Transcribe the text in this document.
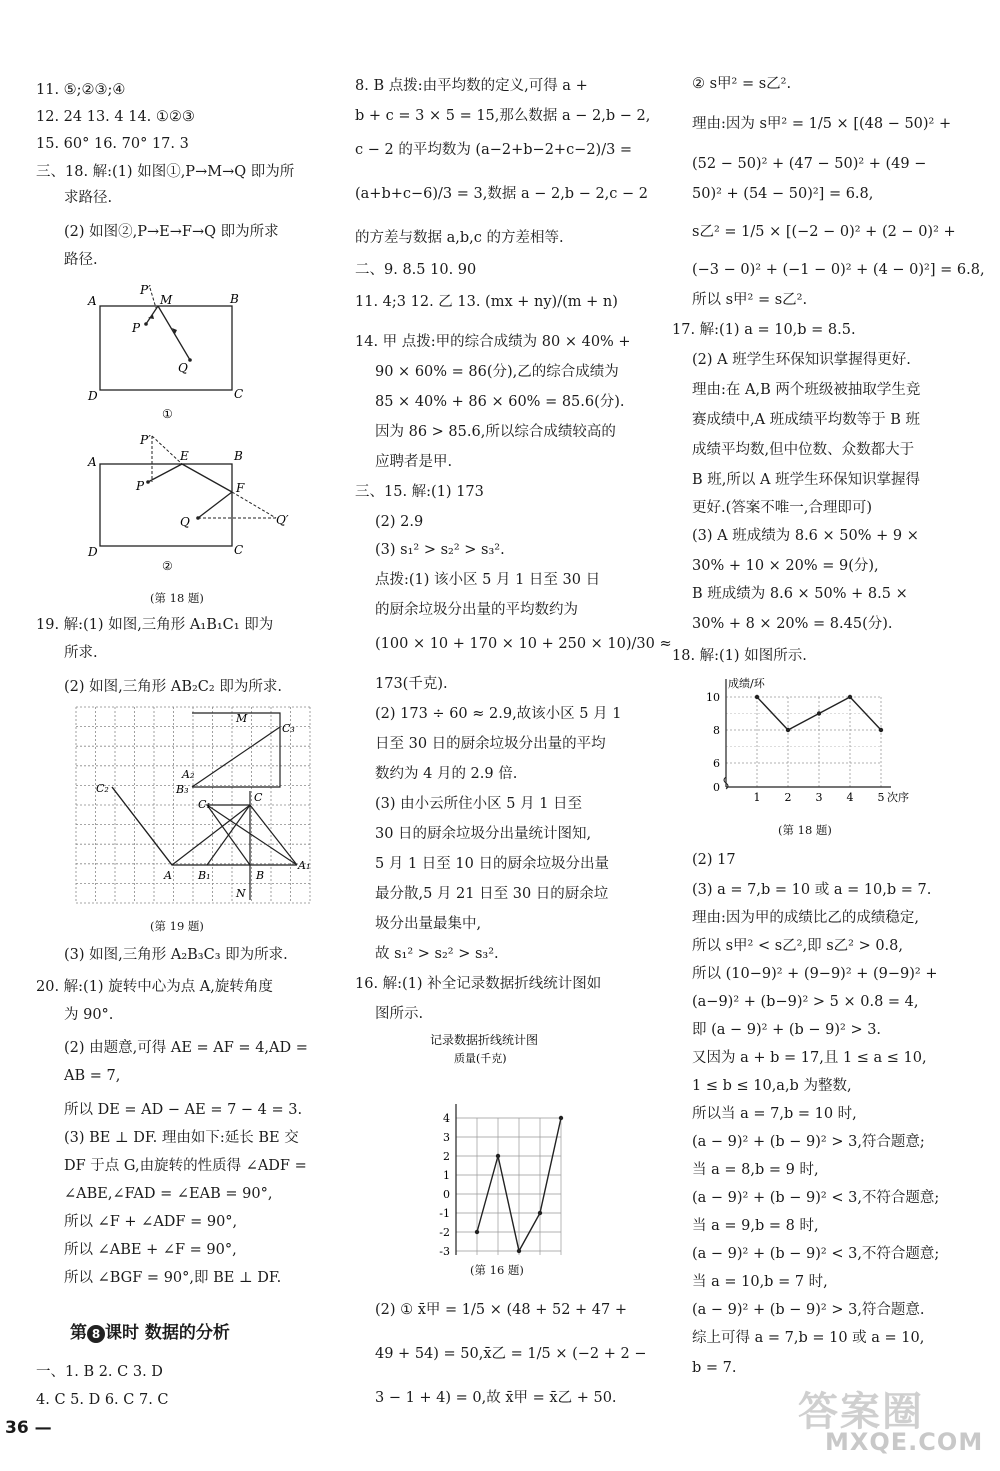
11. ⑤;②③;④
12. 24 13. 4 14. ①②③
15. 60° 16. 70° 17. 3
三、18. 解:(1) 如图①,P→M→Q 即为所
求路径.
(2) 如图②,P→E→F→Q 即为所求
路径.
A	B
D	C
P′
M
P
Q
①
A	B
D	C
P′
E
P	F
Q	Q′
②
(第 18 题)
19. 解:(1) 如图,三角形 A₁B₁C₁ 即为
所求.
(2) 如图,三角形 AB₂C₂ 即为所求.
M
C₃
A₂
B₃
C₂
C₁
C
A B₁	B
A₁
N
(第 19 题)
(3) 如图,三角形 A₂B₃C₃ 即为所求.
20. 解:(1) 旋转中心为点 A,旋转角度
为 90°.
(2) 由题意,可得 AE = AF = 4,AD =
AB = 7,
所以 DE = AD − AE = 7 − 4 = 3.
(3) BE ⊥ DF. 理由如下:延长 BE 交
DF 于点 G,由旋转的性质得 ∠ADF =
∠ABE,∠FAD = ∠EAB = 90°,
所以 ∠F + ∠ADF = 90°,
所以 ∠ABE + ∠F = 90°,
所以 ∠BGF = 90°,即 BE ⊥ DF.
第 8 课时 数据的分析
一、1. B 2. C 3. D
4. C 5. D 6. C 7. C
36 —
8. B 点拨:由平均数的定义,可得 a +
b + c = 3 × 5 = 15,那么数据 a − 2,b − 2,
c − 2 的平均数为 (a−2+b−2+c−2)/3 =
(a+b+c−6)/3 = 3,数据 a − 2,b − 2,c − 2
的方差与数据 a,b,c 的方差相等.
二、9. 8.5 10. 90
11. 4;3 12. 乙 13. (mx + ny)/(m + n)
14. 甲 点拨:甲的综合成绩为 80 × 40% +
90 × 60% = 86(分),乙的综合成绩为
85 × 40% + 86 × 60% = 85.6(分).
因为 86 > 85.6,所以综合成绩较高的
应聘者是甲.
三、15. 解:(1) 173
(2) 2.9
(3) s₁² > s₂² > s₃².
点拨:(1) 该小区 5 月 1 日至 30 日
的厨余垃圾分出量的平均数约为
(100 × 10 + 170 × 10 + 250 × 10)/30 ≈
173(千克).
(2) 173 ÷ 60 ≈ 2.9,故该小区 5 月 1
日至 30 日的厨余垃圾分出量的平均
数约为 4 月的 2.9 倍.
(3) 由小云所住小区 5 月 1 日至
30 日的厨余垃圾分出量统计图知,
5 月 1 日至 10 日的厨余垃圾分出量
最分散,5 月 21 日至 30 日的厨余垃
圾分出量最集中,
故 s₁² > s₂² > s₃².
16. 解:(1) 补全记录数据折线统计图如
图所示.
记录数据折线统计图
质量(千克)
-3
-2
-1
0
1
2
3
4
(第 16 题)
(2) ① x̄甲 = 1/5 × (48 + 52 + 47 +
49 + 54) = 50,x̄乙 = 1/5 × (−2 + 2 −
3 − 1 + 4) = 0,故 x̄甲 = x̄乙 + 50.
② s甲² = s乙².
理由:因为 s甲² = 1/5 × [(48 − 50)² +
(52 − 50)² + (47 − 50)² + (49 −
50)² + (54 − 50)²] = 6.8,
s乙² = 1/5 × [(−2 − 0)² + (2 − 0)² +
(−3 − 0)² + (−1 − 0)² + (4 − 0)²] = 6.8,
所以 s甲² = s乙².
17. 解:(1) a = 10,b = 8.5.
(2) A 班学生环保知识掌握得更好.
理由:在 A,B 两个班级被抽取学生竞
赛成绩中,A 班成绩平均数等于 B 班
成绩平均数,但中位数、众数都大于
B 班,所以 A 班学生环保知识掌握得
更好.(答案不唯一,合理即可)
(3) A 班成绩为 8.6 × 50% + 9 ×
30% + 10 × 20% = 9(分),
B 班成绩为 8.6 × 50% + 8.5 ×
30% + 8 × 20% = 8.45(分).
18. 解:(1) 如图所示.
成绩/环
1 2 3 4 5
0
6
8
10
次序
(第 18 题)
(2) 17
(3) a = 7,b = 10 或 a = 10,b = 7.
理由:因为甲的成绩比乙的成绩稳定,
所以 s甲² < s乙²,即 s乙² > 0.8,
所以 (10−9)² + (9−9)² + (9−9)² +
(a−9)² + (b−9)² > 5 × 0.8 = 4,
即 (a − 9)² + (b − 9)² > 3.
又因为 a + b = 17,且 1 ≤ a ≤ 10,
1 ≤ b ≤ 10,a,b 为整数,
所以当 a = 7,b = 10 时,
(a − 9)² + (b − 9)² > 3,符合题意;
当 a = 8,b = 9 时,
(a − 9)² + (b − 9)² < 3,不符合题意;
当 a = 9,b = 8 时,
(a − 9)² + (b − 9)² < 3,不符合题意;
当 a = 10,b = 7 时,
(a − 9)² + (b − 9)² > 3,符合题意.
综上可得 a = 7,b = 10 或 a = 10,
b = 7.
答案圈
MXQE.COM
